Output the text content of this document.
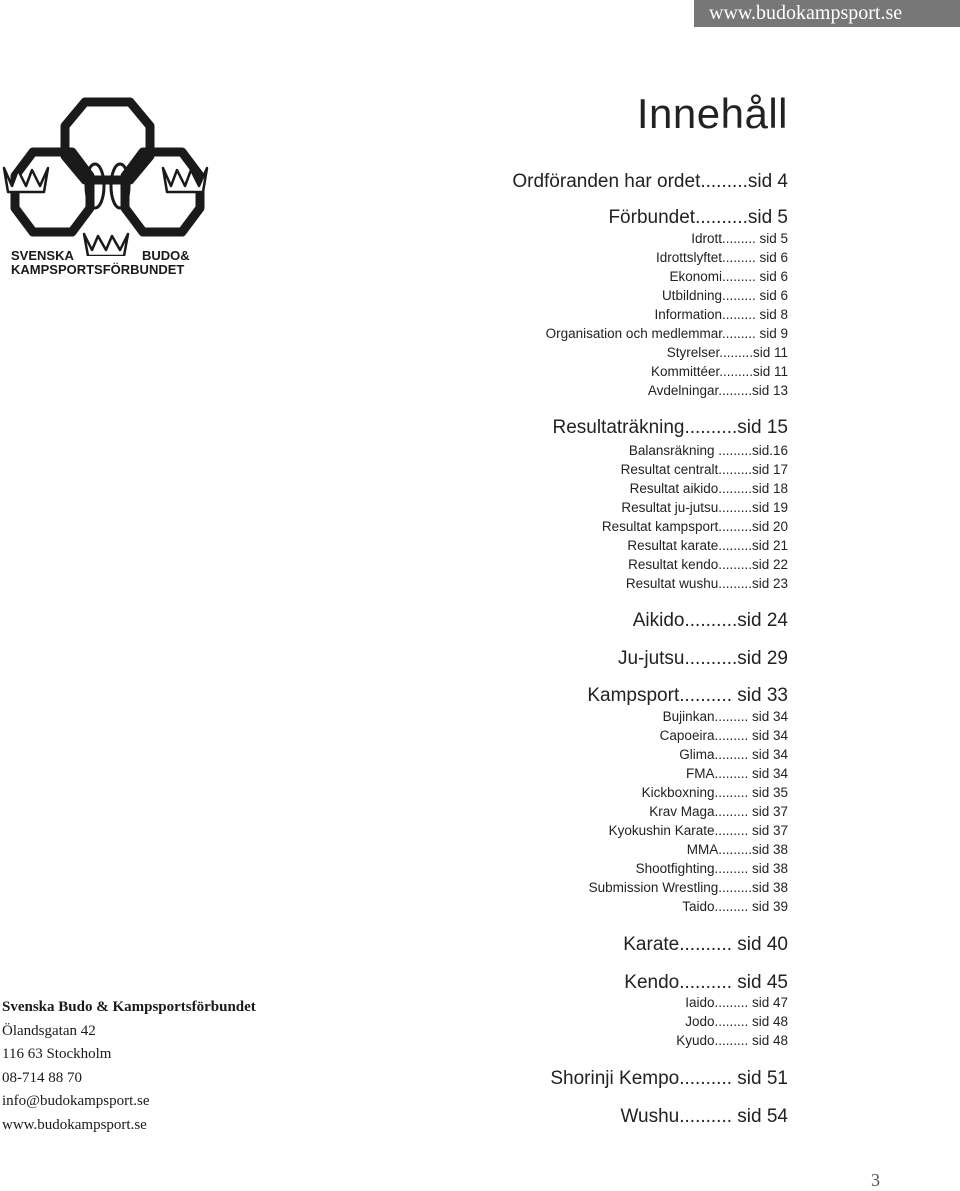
www.budokampsport.se
SVENSKA	BUDO&
KAMPSPORTSFÖRBUNDET
Innehåll
Ordföranden har ordet.........sid 4
Förbundet..........sid 5
Idrott......... sid 5
Idrottslyftet......... sid 6
Ekonomi......... sid 6
Utbildning......... sid 6
Information......... sid 8
Organisation och medlemmar......... sid 9
Styrelser.........sid 11
Kommittéer.........sid 11
Avdelningar.........sid 13
Resultaträkning..........sid 15
Balansräkning .........sid.16
Resultat centralt.........sid 17
Resultat aikido.........sid 18
Resultat ju-jutsu.........sid 19
Resultat kampsport.........sid 20
Resultat karate.........sid 21
Resultat kendo.........sid 22
Resultat wushu.........sid 23
Aikido..........sid 24
Ju-jutsu..........sid 29
Kampsport.......... sid 33
Bujinkan......... sid 34
Capoeira......... sid 34
Glima......... sid 34
FMA......... sid 34
Kickboxning......... sid 35
Krav Maga......... sid 37
Kyokushin Karate......... sid 37
MMA.........sid 38
Shootfighting......... sid 38
Submission Wrestling.........sid 38
Taido......... sid 39
Karate.......... sid 40
Kendo.......... sid 45
Iaido......... sid 47
Jodo......... sid 48
Kyudo......... sid 48
Shorinji Kempo.......... sid 51
Wushu.......... sid 54
Svenska Budo & Kampsportsförbundet
Ölandsgatan 42
116 63 Stockholm
08-714 88 70
info@budokampsport.se
www.budokampsport.se
3
